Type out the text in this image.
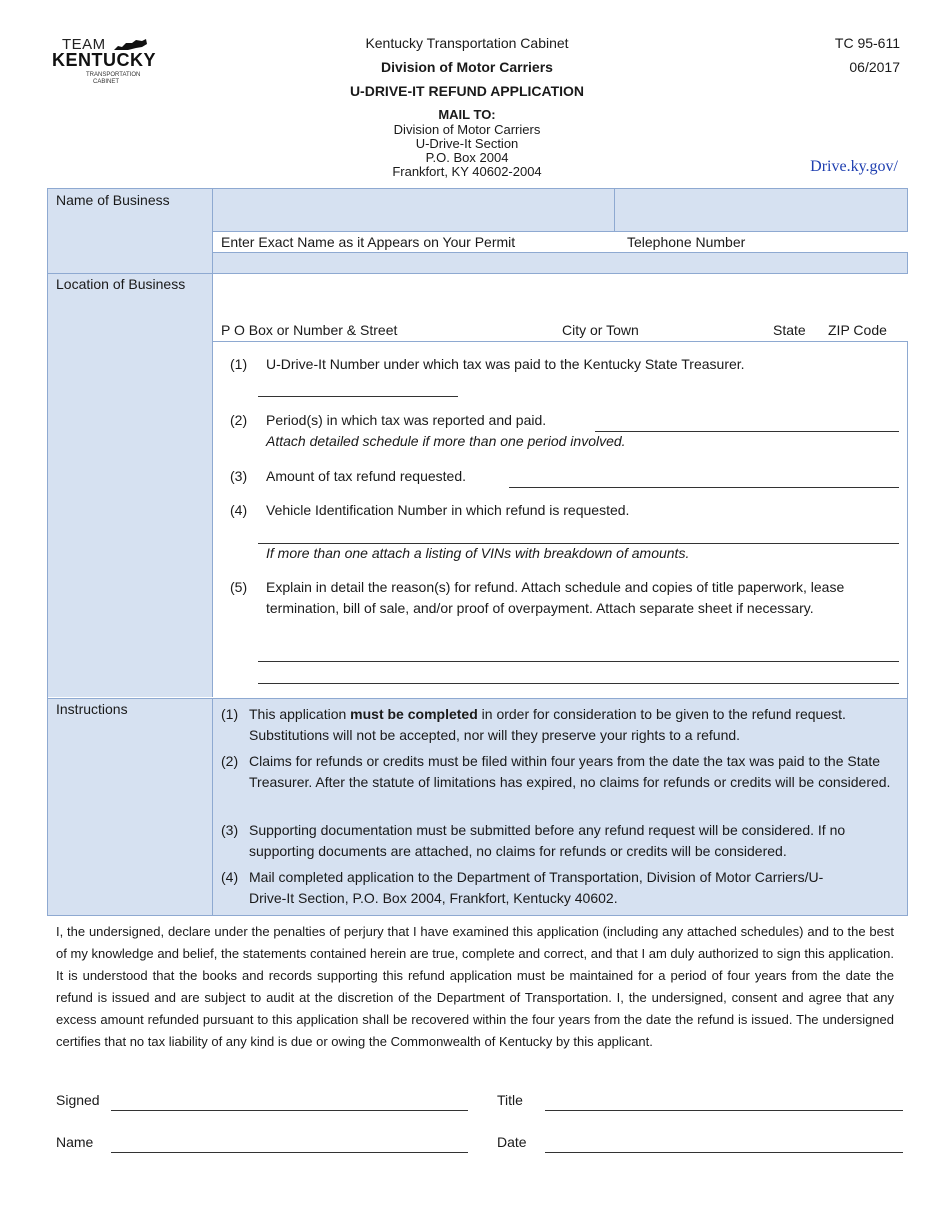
TEAM
KENTUCKY
TRANSPORTATION
CABINET
Kentucky Transportation Cabinet
Division of Motor Carriers
U-DRIVE-IT REFUND APPLICATION
TC 95-611
06/2017
MAIL TO:
Division of Motor Carriers
U-Drive-It Section
P.O. Box 2004
Frankfort, KY 40602-2004	Drive.ky.gov/
Name of Business
Enter Exact Name as it Appears on Your Permit	Telephone Number
Location of Business
P O Box or Number & Street	City or Town	State ZIP Code
(1) U-Drive-It Number under which tax was paid to the Kentucky State Treasurer.
(2) Period(s) in which tax was reported and paid.
Attach detailed schedule if more than one period involved.
(3) Amount of tax refund requested.
(4) Vehicle Identification Number in which refund is requested.
If more than one attach a listing of VINs with breakdown of amounts.
(5) Explain in detail the reason(s) for refund. Attach schedule and copies of title paperwork, lease termination, bill of sale, and/or proof of overpayment. Attach separate sheet if necessary.
Instructions	(1) This application must be completed in order for consideration to be given to the refund request. Substitutions will not be accepted, nor will they preserve your rights to a refund.
(2) Claims for refunds or credits must be filed within four years from the date the tax was paid to the State Treasurer. After the statute of limitations has expired, no claims for refunds or credits will be considered.
(3) Supporting documentation must be submitted before any refund request will be considered. If no supporting documents are attached, no claims for refunds or credits will be considered.
(4) Mail completed application to the Department of Transportation, Division of Motor Carriers/U-Drive-It Section, P.O. Box 2004, Frankfort, Kentucky 40602.
I, the undersigned, declare under the penalties of perjury that I have examined this application (including any attached schedules) and to the best of my knowledge and belief, the statements contained herein are true, complete and correct, and that I am duly authorized to sign this application. It is understood that the books and records supporting this refund application must be maintained for a period of four years from the date the refund is issued and are subject to audit at the discretion of the Department of Transportation. I, the undersigned, consent and agree that any excess amount refunded pursuant to this application shall be recovered within the four years from the date the refund is issued. The undersigned certifies that no tax liability of any kind is due or owing the Commonwealth of Kentucky by this applicant.
Signed	Title
Name	Date
